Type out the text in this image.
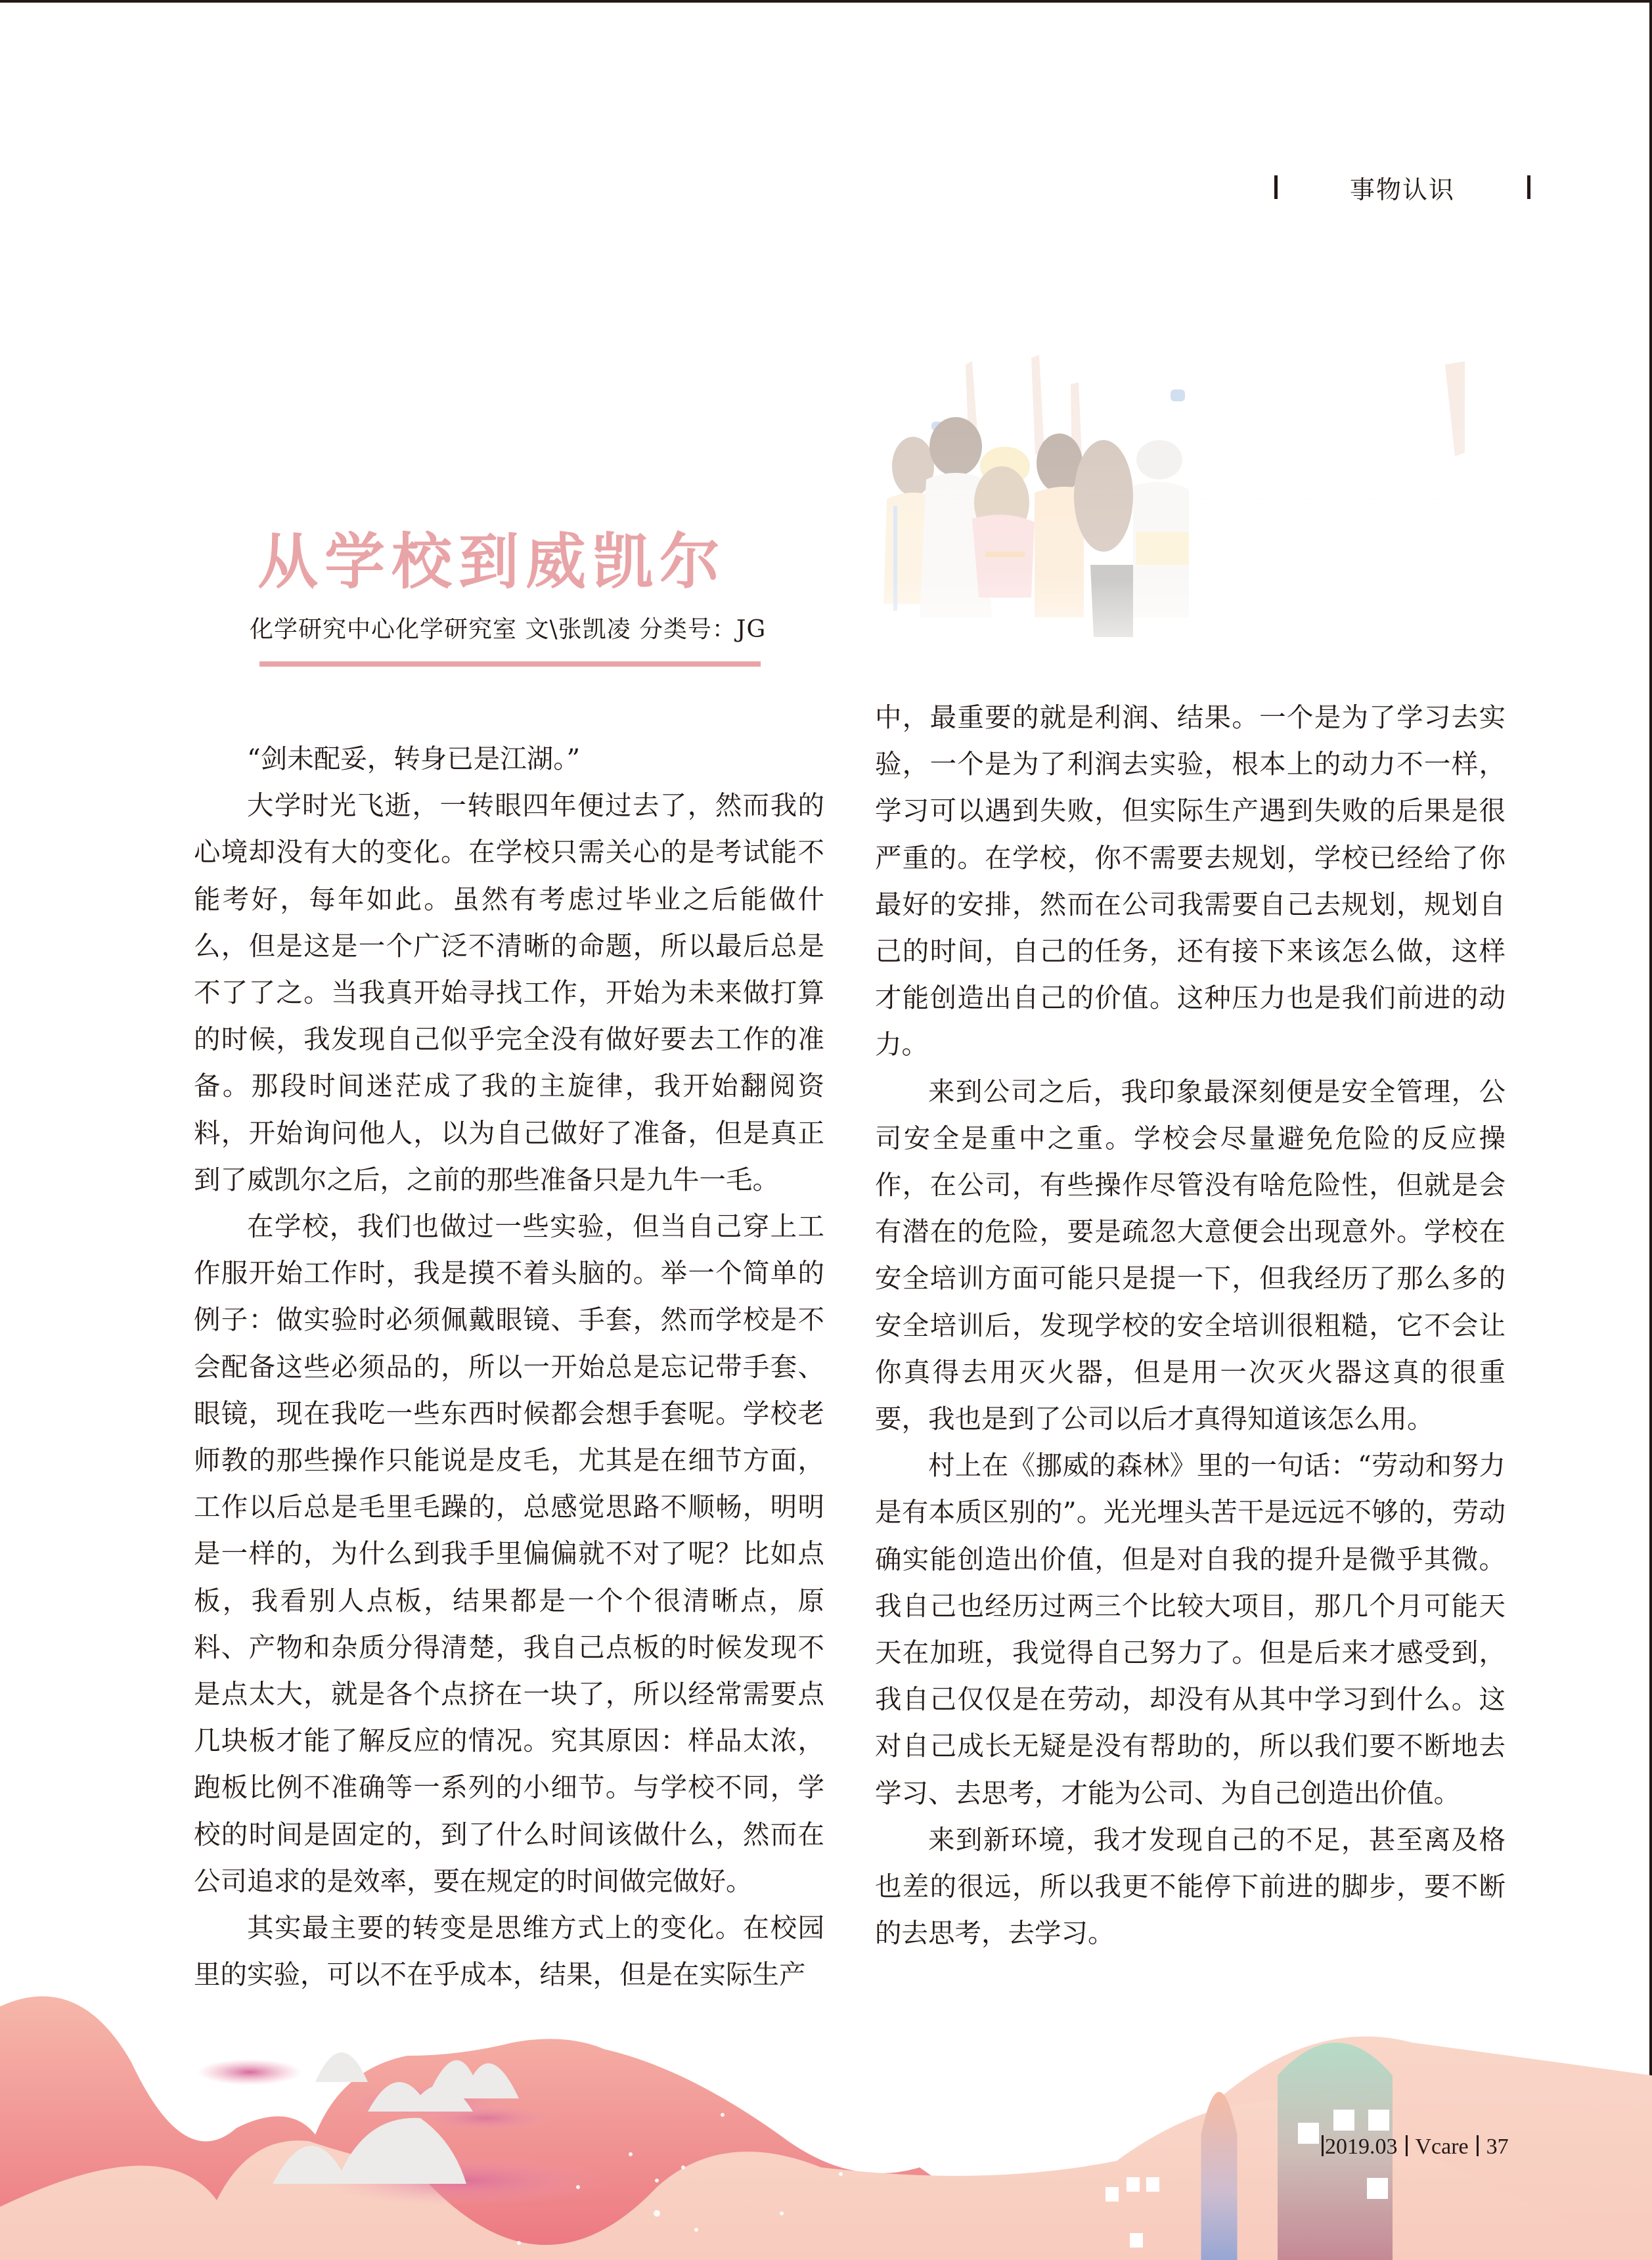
事物认识
从学校到威凯尔
化学研究中心化学研究室 文\张凯凌 分类号：JG

“剑未配妥，转身已是江湖。”

大学时光飞逝，一转眼四年便过去了，然而我的心境却没有大的变化。在学校只需关心的是考试能不能考好，每年如此。虽然有考虑过毕业之后能做什么，但是这是一个广泛不清晰的命题，所以最后总是不了了之。当我真开始寻找工作，开始为未来做打算的时候，我发现自己似乎完全没有做好要去工作的准备。那段时间迷茫成了我的主旋律，我开始翻阅资料，开始询问他人，以为自己做好了准备，但是真正到了威凯尔之后，之前的那些准备只是九牛一毛。

在学校，我们也做过一些实验，但当自己穿上工作服开始工作时，我是摸不着头脑的。举一个简单的例子：做实验时必须佩戴眼镜、手套，然而学校是不会配备这些必须品的，所以一开始总是忘记带手套、眼镜，现在我吃一些东西时候都会想手套呢。学校老师教的那些操作只能说是皮毛，尤其是在细节方面，工作以后总是毛里毛躁的，总感觉思路不顺畅，明明是一样的，为什么到我手里偏偏就不对了呢？比如点板，我看别人点板，结果都是一个个很清晰点，原料、产物和杂质分得清楚，我自己点板的时候发现不是点太大，就是各个点挤在一块了，所以经常需要点几块板才能了解反应的情况。究其原因：样品太浓，跑板比例不准确等一系列的小细节。与学校不同，学校的时间是固定的，到了什么时间该做什么，然而在公司追求的是效率，要在规定的时间做完做好。

其实最主要的转变是思维方式上的变化。在校园里的实验，可以不在乎成本，结果，但是在实际生产

中，最重要的就是利润、结果。一个是为了学习去实验，一个是为了利润去实验，根本上的动力不一样，学习可以遇到失败，但实际生产遇到失败的后果是很严重的。在学校，你不需要去规划，学校已经给了你最好的安排，然而在公司我需要自己去规划，规划自己的时间，自己的任务，还有接下来该怎么做，这样才能创造出自己的价值。这种压力也是我们前进的动力。

来到公司之后，我印象最深刻便是安全管理，公司安全是重中之重。学校会尽量避免危险的反应操作，在公司，有些操作尽管没有啥危险性，但就是会有潜在的危险，要是疏忽大意便会出现意外。学校在安全培训方面可能只是提一下，但我经历了那么多的安全培训后，发现学校的安全培训很粗糙，它不会让你真得去用灭火器，但是用一次灭火器这真的很重要，我也是到了公司以后才真得知道该怎么用。

村上在《挪威的森林》里的一句话：“劳动和努力是有本质区别的”。光光埋头苦干是远远不够的，劳动确实能创造出价值，但是对自我的提升是微乎其微。我自己也经历过两三个比较大项目，那几个月可能天天在加班，我觉得自己努力了。但是后来才感受到，我自己仅仅是在劳动，却没有从其中学习到什么。这对自己成长无疑是没有帮助的，所以我们要不断地去学习、去思考，才能为公司、为自己创造出价值。

来到新环境，我才发现自己的不足，甚至离及格也差的很远，所以我更不能停下前进的脚步，要不断的去思考，去学习。

2019.03 Vcare 37
